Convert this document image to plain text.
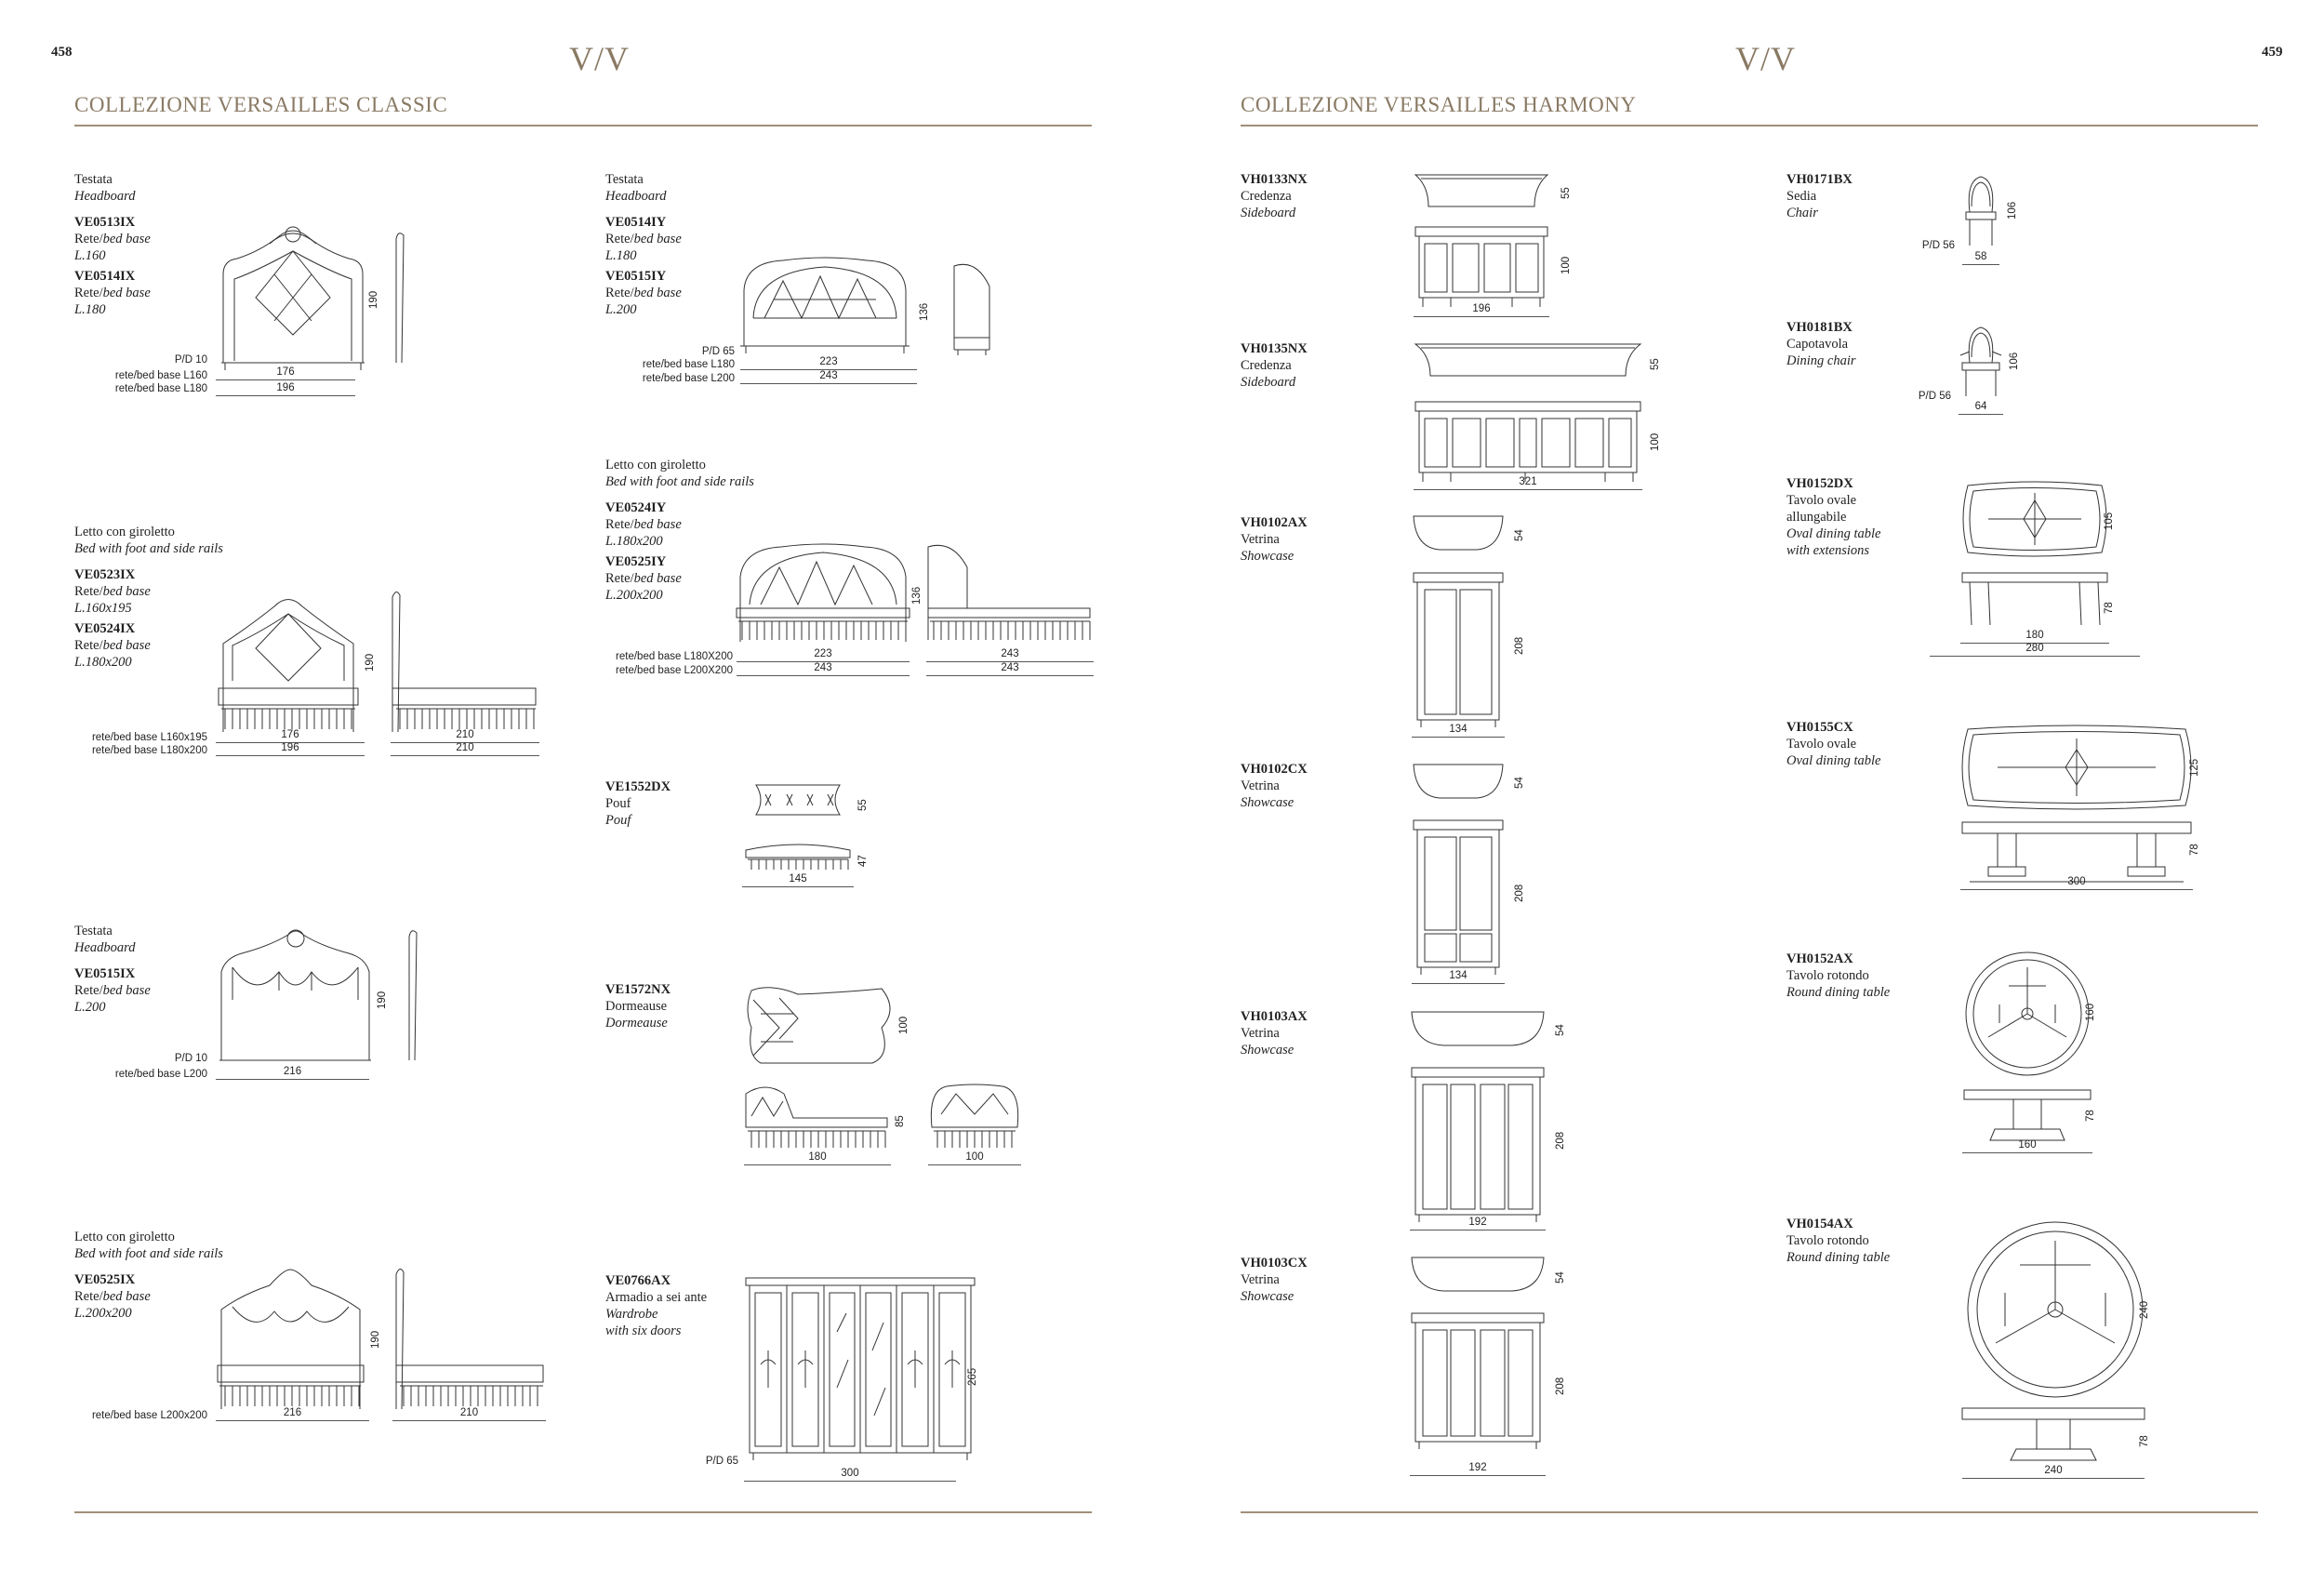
458	V/V
COLLEZIONE VERSAILLES CLASSIC
Testata
Headboard
VE0513IX
Rete/bed base
L.160
VE0514IX
Rete/bed base
L.180
190
P/D 10
rete/bed base L160	176
rete/bed base L180	196
Letto con giroletto
Bed with foot and side rails
VE0523IX
Rete/bed base
L.160x195
VE0524IX
Rete/bed base
L.180x200	190
rete/bed base L160x195	176	210
rete/bed base L180x200	196	210
Testata
Headboard
VE0515IX
Rete/bed base
L.200	190
P/D 10
rete/bed base L200	216
Letto con giroletto
Bed with foot and side rails
VE0525IX
Rete/bed base
L.200x200
190
rete/bed base L200x200	216	210
Testata
Headboard
VE0514IY
Rete/bed base
L.180
VE0515IY
Rete/bed base
L.200	136
P/D 65
rete/bed base L180	223
rete/bed base L200	243
Letto con giroletto
Bed with foot and side rails
VE0524IY
Rete/bed base
L.180x200
VE0525IY
Rete/bed base
L.200x200	136
rete/bed base L180X200	223	243
rete/bed base L200X200	243	243
VE1552DX
Pouf
Pouf
55
47
145
VE1572NX
Dormeause
Dormeause	100
85
180	100
VE0766AX
Armadio a sei ante
Wardrobe
with six doors
265
P/D 65
300
459
V/V
COLLEZIONE VERSAILLES HARMONY
VH0133NX
Credenza
Sideboard
55
100
196
VH0135NX
Credenza
Sideboard
55
100
321
VH0102AX
Vetrina
Showcase
54
208
134
VH0102CX
Vetrina
Showcase
54
208
134
VH0103AX
Vetrina
Showcase
54
208
192
VH0103CX
Vetrina
Showcase
54
208
192
VH0171BX
Sedia
Chair	106
P/D 56
58
VH0181BX
Capotavola
Dining chair	106
P/D 56
64
VH0152DX
Tavolo ovale
allungabile
Oval dining table
with extensions
105
78
180
280
VH0155CX
Tavolo ovale
Oval dining table	125
78
300
VH0152AX
Tavolo rotondo
Round dining table
160
78
160
VH0154AX
Tavolo rotondo
Round dining table
240
78
240
